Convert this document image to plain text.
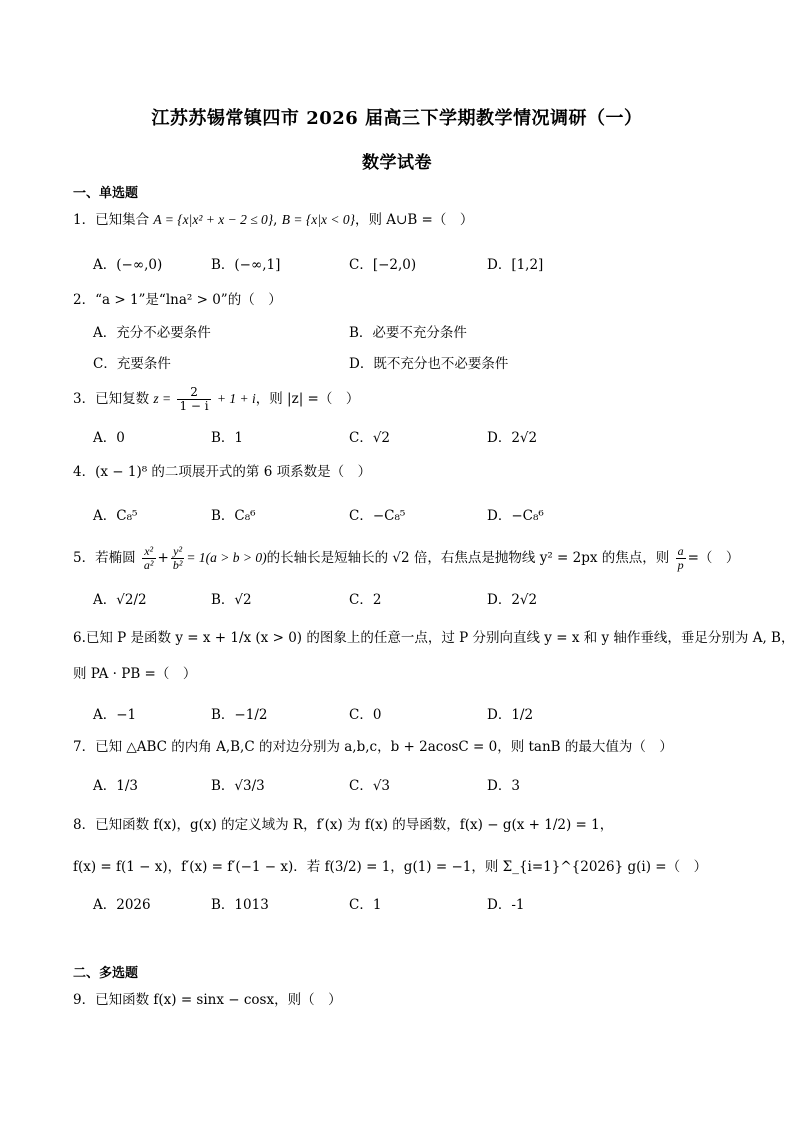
江苏苏锡常镇四市 2026 届高三下学期教学情况调研（一）
数学试卷
一、单选题
1．已知集合 A = {x|x² + x − 2 ≤ 0}, B = {x|x < 0}，则 A∪B =（　）
A．(−∞,0)	B．(−∞,1]	C．[−2,0)	D．[1,2]
2．“a > 1”是“lna² > 0”的（　）
A．充分不必要条件	B．必要不充分条件
C．充要条件	D．既不充分也不必要条件
3．已知复数 $z = \frac{2}{1 - i} + 1 + i$，则 |z| =（　）
A．0	B．1	C．√2	D．2√2
4．(x − 1)⁸ 的二项展开式的第 6 项系数是（　）
A．C₈⁵	B．C₈⁶	C．−C₈⁵	D．−C₈⁶
5．若椭圆 $\frac{\text{x²}}{\text{a²}} + \frac{\text{y²}}{\text{b²}} = 1(a > b > 0)$的长轴长是短轴长的 √2 倍，右焦点是抛物线 y² = 2px 的焦点，则 $\frac{a}{p}$ =（　）
A．√2/2	B．√2	C．2	D．2√2
6.已知 P 是函数 y = x + 1/x (x > 0) 的图象上的任意一点，过 P 分别向直线 y = x 和 y 轴作垂线，垂足分别为 A, B，
则 PA · PB =（　）
A．−1	B．−1/2	C．0	D．1/2
7．已知 △ABC 的内角 A,B,C 的对边分别为 a,b,c，b + 2acosC = 0，则 tanB 的最大值为（　）
A．1/3	B．√3/3	C．√3	D．3
8．已知函数 f(x)，g(x) 的定义域为 R，f′(x) 为 f(x) 的导函数，f(x) − g(x + 1/2) = 1，
f(x) = f(1 − x)，f′(x) = f′(−1 − x)．若 f(3/2) = 1，g(1) = −1，则 Σ_{i=1}^{2026} g(i) =（　）
A．2026	B．1013	C．1	D．-1
二、多选题
9．已知函数 f(x) = sinx − cosx，则（　）
